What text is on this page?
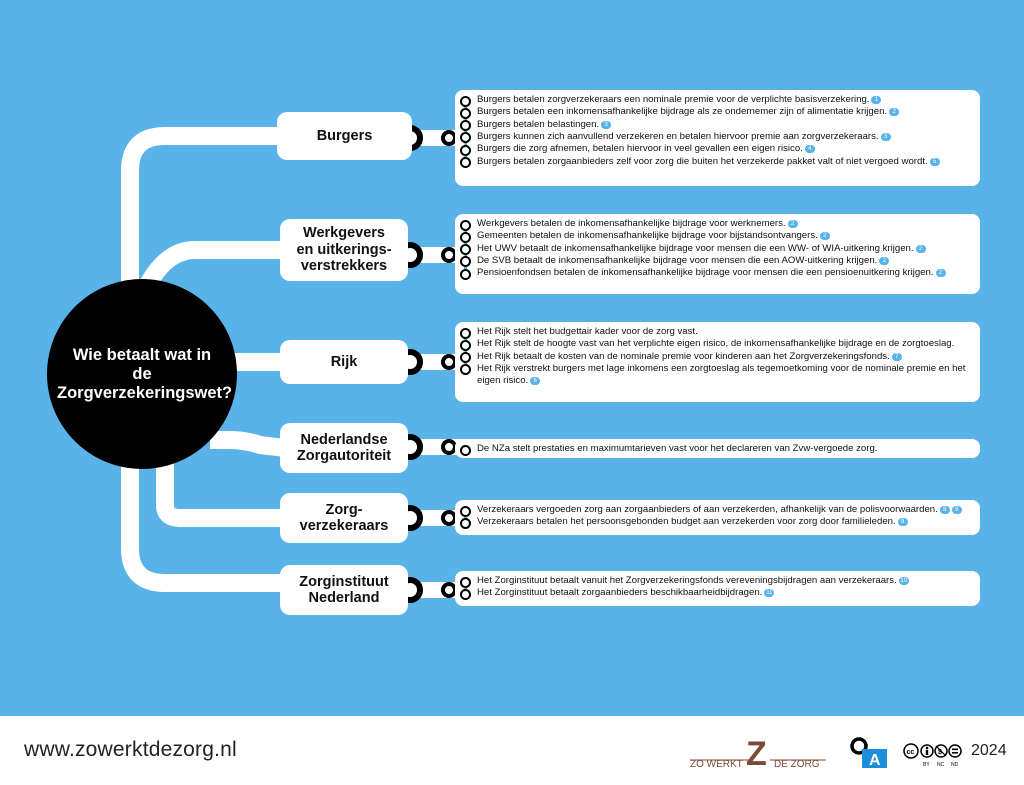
Wie betaalt wat in
de Zorgverzekeringswet?
Burgers
Burgers betalen zorgverzekeraars een nominale premie voor de verplichte basisverzekering. 1
Burgers betalen een inkomensafhankelijke bijdrage als ze ondernemer zijn of alimentatie krijgen. 2
Burgers betalen belastingen. 3
Burgers kunnen zich aanvullend verzekeren en betalen hiervoor premie aan zorgverzekeraars. 3
Burgers die zorg afnemen, betalen hiervoor in veel gevallen een eigen risico. 4
Burgers betalen zorgaanbieders zelf voor zorg die buiten het verzekerde pakket valt of niet vergoed wordt. 5
Werkgevers
en uitkerings-
verstrekkers
Werkgevers betalen de inkomensafhankelijke bijdrage voor werknemers. 2
Gemeenten betalen de inkomensafhankelijke bijdrage voor bijstandsontvangers. 2
Het UWV betaalt de inkomensafhankelijke bijdrage voor mensen die een WW- of WIA-uitkering krijgen. 2
De SVB betaalt de inkomensafhankelijke bijdrage voor mensen die een AOW-uitkering krijgen. 2
Pensioenfondsen betalen de inkomensafhankelijke bijdrage voor mensen die een pensioenuitkering krijgen. 2
Rijk
Het Rijk stelt het budgettair kader voor de zorg vast.
Het Rijk stelt de hoogte vast van het verplichte eigen risico, de inkomensafhankelijke bijdrage en de zorgtoeslag.
Het Rijk betaalt de kosten van de nominale premie voor kinderen aan het Zorgverzekeringsfonds. 7
Het Rijk verstrekt burgers met lage inkomens een zorgtoeslag als tegemoetkoming voor de nominale premie en het eigen risico. 6
Nederlandse
Zorgautoriteit	De NZa stelt prestaties en maximumtarieven vast voor het declareren van Zvw-vergoede zorg.
Zorg-
verzekeraars
Verzekeraars vergoeden zorg aan zorgaanbieders of aan verzekerden, afhankelijk van de polisvoorwaarden. 8 9
Verzekeraars betalen het persoonsgebonden budget aan verzekerden voor zorg door familieleden. 9
Zorginstituut
Nederland
Het Zorginstituut betaalt vanuit het Zorgverzekeringsfonds vereveningsbijdragen aan verzekeraars. 10
Het Zorginstituut betaalt zorgaanbieders beschikbaarheidbijdragen. 11
www.zowerktdezorg.nl
ZO WERKT Z DE ZORG	A	cc	$
BY NC ND
2024
